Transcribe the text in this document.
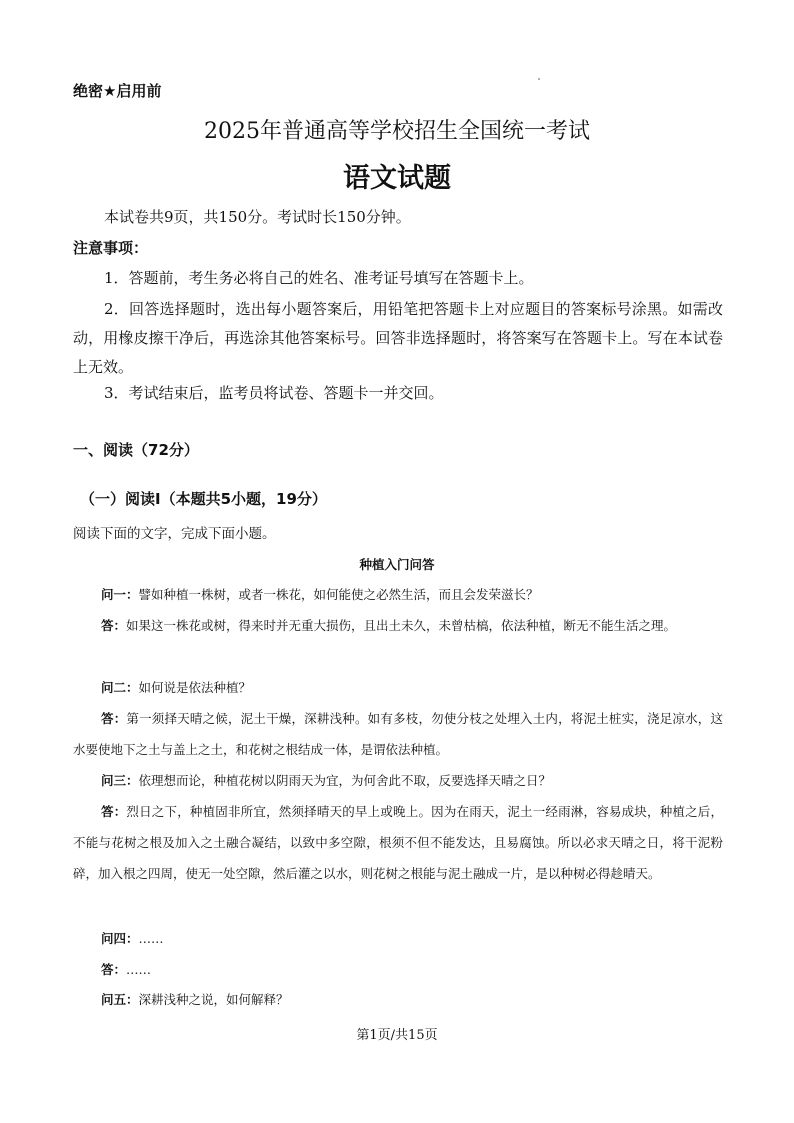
绝密★启用前
2025年普通高等学校招生全国统一考试
语文试题
本试卷共9页，共150分。考试时长150分钟。
注意事项：
1．答题前，考生务必将自己的姓名、准考证号填写在答题卡上。
2．回答选择题时，选出每小题答案后，用铅笔把答题卡上对应题目的答案标号涂黑。如需改动，用橡皮擦干净后，再选涂其他答案标号。回答非选择题时，将答案写在答题卡上。写在本试卷上无效。
3．考试结束后，监考员将试卷、答题卡一并交回。
一、阅读（72分）
（一）阅读Ⅰ（本题共5小题，19分）
阅读下面的文字，完成下面小题。
种植入门问答
问一：譬如种植一株树，或者一株花，如何能使之必然生活，而且会发荣滋长？
答：如果这一株花或树，得来时并无重大损伤，且出土未久，未曾枯槁，依法种植，断无不能生活之理。
问二：如何说是依法种植？
答：第一须择天晴之候，泥土干燥，深耕浅种。如有多枝，勿使分枝之处埋入土内，将泥土桩实，浇足凉水，这水要使地下之土与盖上之土，和花树之根结成一体，是谓依法种植。
问三：依理想而论，种植花树以阴雨天为宜，为何舍此不取，反要选择天晴之日？
答：烈日之下，种植固非所宜，然须择晴天的早上或晚上。因为在雨天，泥土一经雨淋，容易成块，种植之后，不能与花树之根及加入之土融合凝结，以致中多空隙，根须不但不能发达，且易腐蚀。所以必求天晴之日，将干泥粉碎，加入根之四周，使无一处空隙，然后灌之以水，则花树之根能与泥土融成一片，是以种树必得趁晴天。
问四：……
答：……
问五：深耕浅种之说，如何解释？
第1页/共15页
